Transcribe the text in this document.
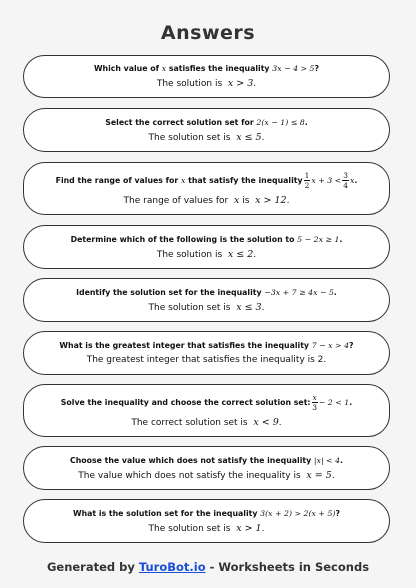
Answers
Which value of
x
satisfies the inequality
3x − 4 > 5 ?
The solution is  x > 3.
Select the correct solution set for
2(x − 1) ≤ 8 .
The solution set is  x ≤ 5.
Find the range of values for
x
that satisfy the inequality $\frac{1}{2}$ $x + 3 < \frac{3}{4}$ x .
The range of values for  x is  x > 12.
Determine which of the following is the solution to
5 − 2x ≥ 1 .
The solution is  x ≤ 2.
Identify the solution set for the inequality
−3x + 7 ≥ 4x − 5 .
The solution set is  x ≤ 3.
What is the greatest integer that satisfies the inequality
7 − x > 4 ?
The greatest integer that satisfies the inequality is 2.
Solve the inequality and choose the correct solution set: $\frac{x}{3} - 2 < 1$ .
The correct solution set is  x < 9.
Choose the value which does not satisfy the inequality
|x| < 4 .
The value which does not satisfy the inequality is  x = 5.
What is the solution set for the inequality
3(x + 2) > 2(x + 5) ?
The solution set is  x > 1.
Generated by TuroBot.io - Worksheets in Seconds
